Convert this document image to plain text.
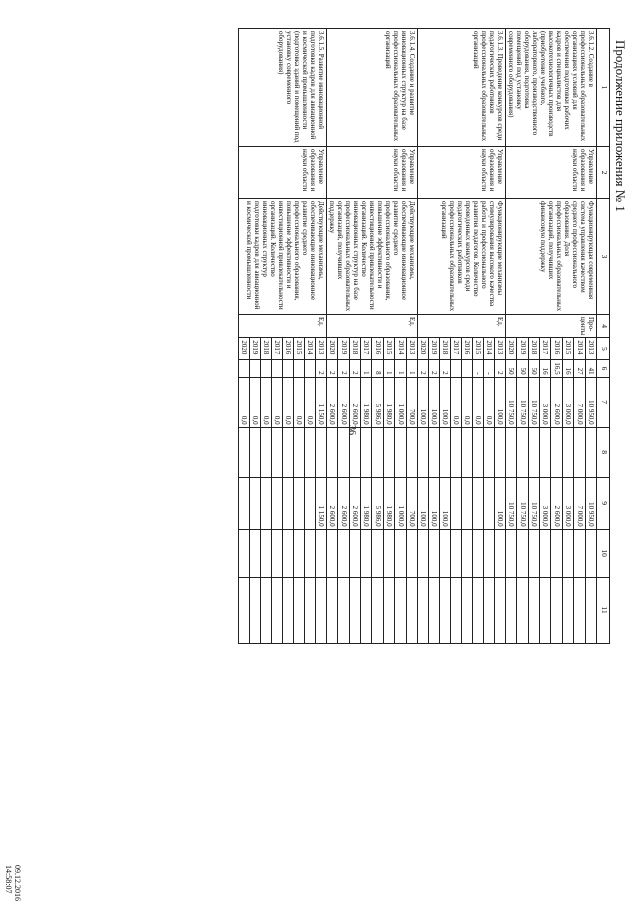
Продолжение приложения № 1
36
09.12.2016 14:58:07
1	2	3	4	5	6	7	8	9	10	11
3.6.1.2. Создание в профессиональных образовательных организациях условий для обеспечения подготовки рабочих кадров и специалистов для высокотехнологичных производств (приобретение учебного, лабораторного, производственного оборудования, подготовка помещений под установку современного оборудования)	Управление образования и науки области	Функционирующая современная система управления качеством среднего профессионального образования. Доля профессиональных образовательных организаций, получивших финансовую поддержку	Про-центы	2013	41	10 950,0		10 950,0		
				2014	27	7 000,0		7 000,0		
				2015	16	3 000,0		3 000,0		
				2016	16,5	2 600,0		2 600,0		
				2017	16	3 000,0		3 000,0		
				2018	50	10 750,0		10 750,0		
				2019	50	10 750,0		10 750,0		
				2020	50	10 750,0		10 750,0		
3.6.1.3. Проведение конкурсов среди педагогических работников профессиональных образовательных организаций	Управление образования и науки области	Функционирующие механизмы стимулирования высокого качества работы и профессионального развития педагогов. Количество проведенных конкурсов среди педагогических работников профессиональных образовательных организаций	Ед.	2013	2	100,0		100,0		
				2014	-	0,0				
				2015	-	0,0				
				2016		0,0				
				2017		0,0				
				2018	2	100,0		100,0		
				2019	2	100,0		100,0		
				2020	2	100,0		100,0		
3.6.1.4. Создание и развитие инновационных структур на базе профессиональных образовательных организаций	Управление образования и науки области	Действующие механизмы, обеспечивающие инновационное развитие среднего профессионального образования, повышение эффективности и инвестиционной привлекательности организаций. Количество инновационных структур на базе профессиональных образовательных организаций, получивших поддержку	Ед.	2013	1	700,0		700,0		
				2014	1	1 000,0		1 000,0		
				2015	1	1 980,0		1 980,0		
				2016	8	5 986,0		5 986,0		
				2017	1	1 980,0		1 980,0		
				2018	2	2 600,0		2 600,0		
				2019	2	2 600,0		2 600,0		
				2020	2	2 600,0		2 600,0		
3.6.1.5. Развитие инновационной подготовки кадров для авиационной и космической промышленности (подготовка зданий и помещений под установку современного оборудования)	Управление образования и науки области	Действующие механизмы, обеспечивающие инновационное развитие среднего профессионального образования, повышение эффективности и инвестиционной привлекательности организаций. Количество инновационных структур подготовки кадров для авиационной и космической промышленности	Ед.	2013	2	1 150,0		1 150,0		
				2014		0,0				
				2015		0,0				
				2016		0,0				
				2017		0,0				
				2018		0,0				
				2019		0,0				
				2020		0,0				
